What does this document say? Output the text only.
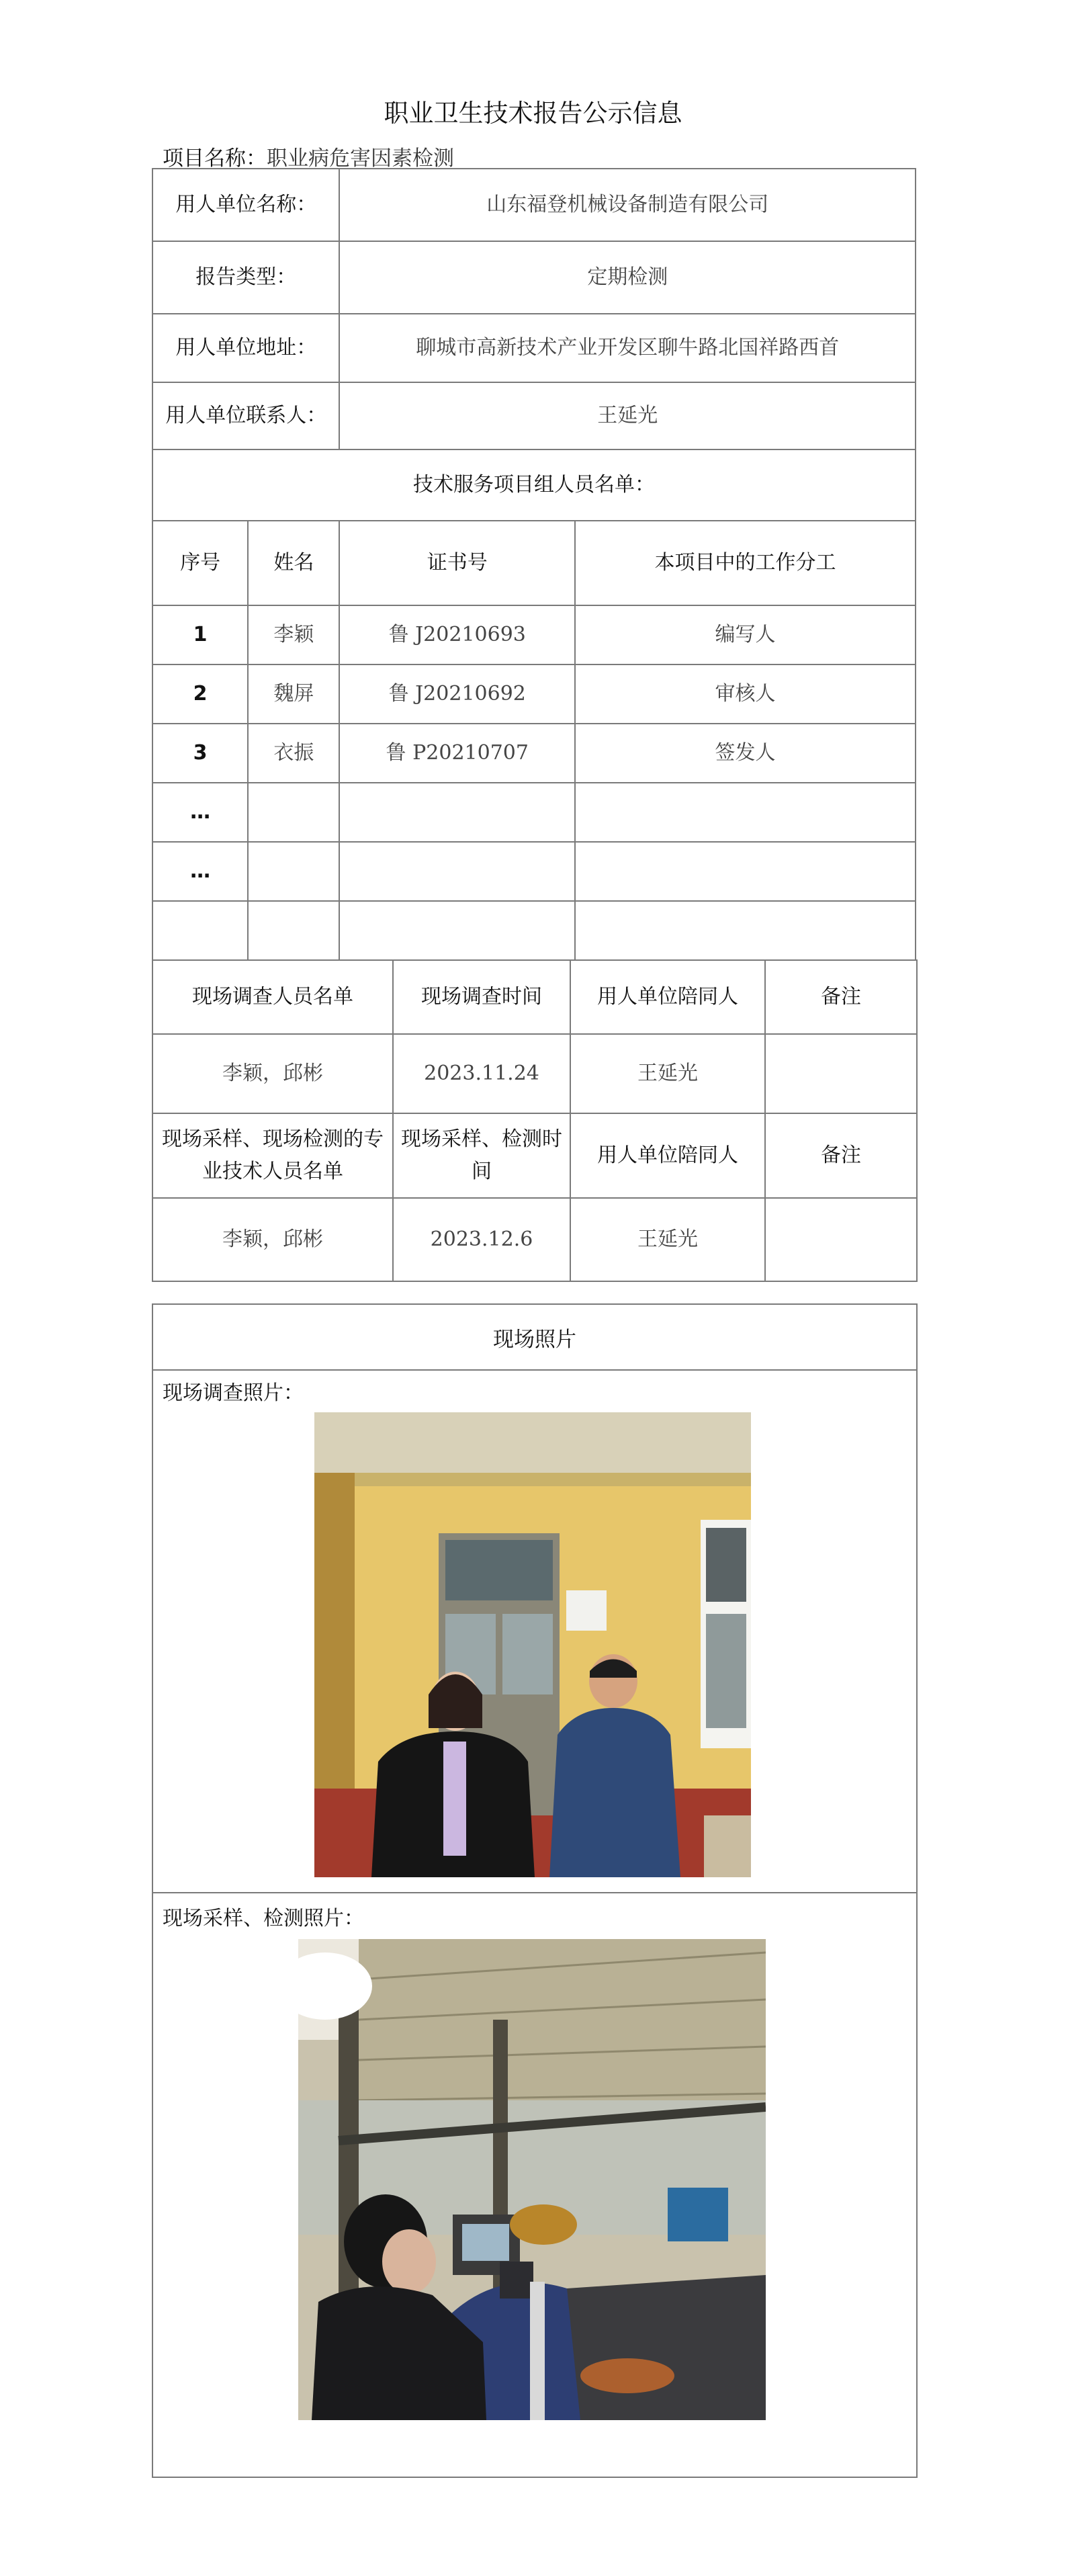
职业卫生技术报告公示信息
项目名称：职业病危害因素检测
用人单位名称：		山东福登机械设备制造有限公司	
报告类型：		定期检测	
用人单位地址：		聊城市高新技术产业开发区聊牛路北国祥路西首	
用人单位联系人：		王延光	
技术服务项目组人员名单：			
序号	姓名	证书号	本项目中的工作分工
1	李颖	鲁 J20210693	编写人
2	魏屏	鲁 J20210692	审核人
3	衣振	鲁 P20210707	签发人
…			
…			

现场调查人员名单	现场调查时间	用人单位陪同人	备注
李颖，邱彬	2023.11.24	王延光	
现场采样、现场检测的专业技术人员名单	现场采样、检测时间	用人单位陪同人	备注
李颖，邱彬	2023.12.6	王延光	
现场照片
现场调查照片：
现场采样、检测照片：
